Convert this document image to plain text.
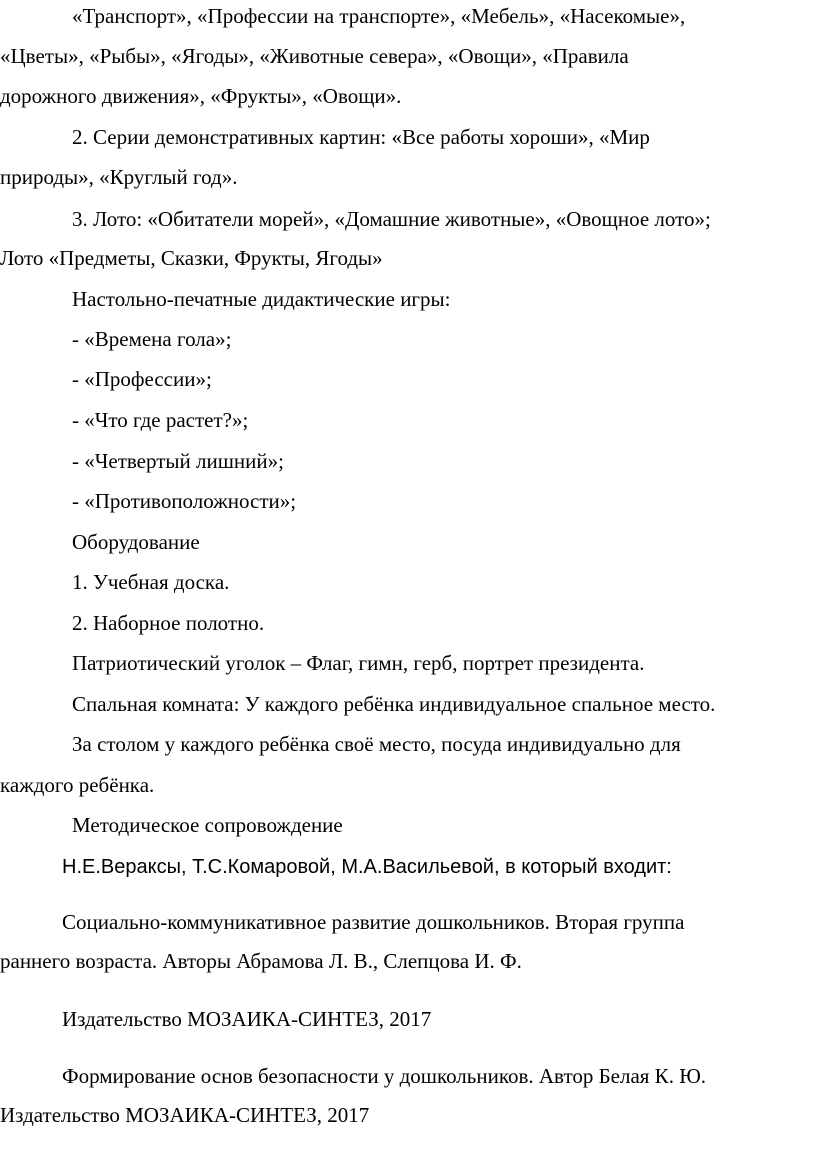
«Транспорт», «Профессии на транспорте», «Мебель», «Насекомые»,

«Цветы», «Рыбы», «Ягоды», «Животные севера», «Овощи», «Правила

дорожного движения», «Фрукты», «Овощи».

2. Серии демонстративных картин: «Все работы хороши», «Мир

природы», «Круглый год».

3. Лото: «Обитатели морей», «Домашние животные», «Овощное лото»;

Лото «Предметы, Сказки, Фрукты, Ягоды»

Настольно-печатные дидактические игры:

- «Времена гола»;

- «Профессии»;

- «Что где растет?»;

- «Четвертый лишний»;

- «Противоположности»;

Оборудование

1. Учебная доска.

2. Наборное полотно.

Патриотический уголок – Флаг, гимн, герб, портрет президента.

Спальная комната: У каждого ребёнка индивидуальное спальное место.

За столом у каждого ребёнка своё место, посуда индивидуально для

каждого ребёнка.

Методическое сопровождение

Н.Е.Вераксы, Т.С.Комаровой, М.А.Васильевой, в который входит:

Социально-коммуникативное развитие дошкольников. Вторая группа

раннего возраста. Авторы Абрамова Л. В., Слепцова И. Ф.

Издательство МОЗАИКА-СИНТЕЗ, 2017

Формирование основ безопасности у дошкольников. Автор Белая К. Ю.

Издательство МОЗАИКА-СИНТЕЗ, 2017
